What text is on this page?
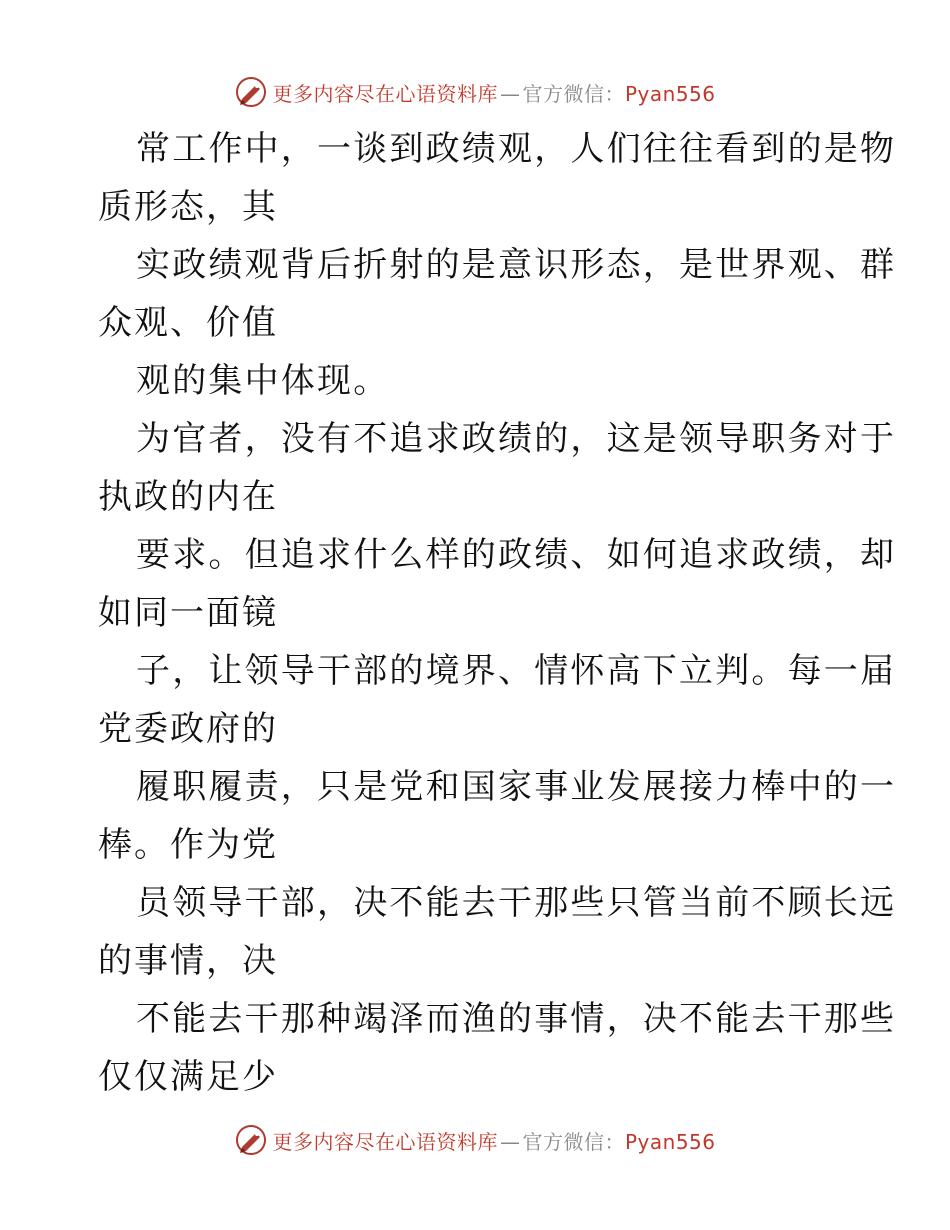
更多内容尽在心语资料库 — 官方微信：Pyan556
常工作中，一谈到政绩观，人们往往看到的是物
质形态，其
实政绩观背后折射的是意识形态，是世界观、群
众观、价值
观的集中体现。
为官者，没有不追求政绩的，这是领导职务对于
执政的内在
要求。但追求什么样的政绩、如何追求政绩，却
如同一面镜
子，让领导干部的境界、情怀高下立判。每一届
党委政府的
履职履责，只是党和国家事业发展接力棒中的一
棒。作为党
员领导干部，决不能去干那些只管当前不顾长远
的事情，决
不能去干那种竭泽而渔的事情，决不能去干那些
仅仅满足少
更多内容尽在心语资料库 — 官方微信：Pyan556
